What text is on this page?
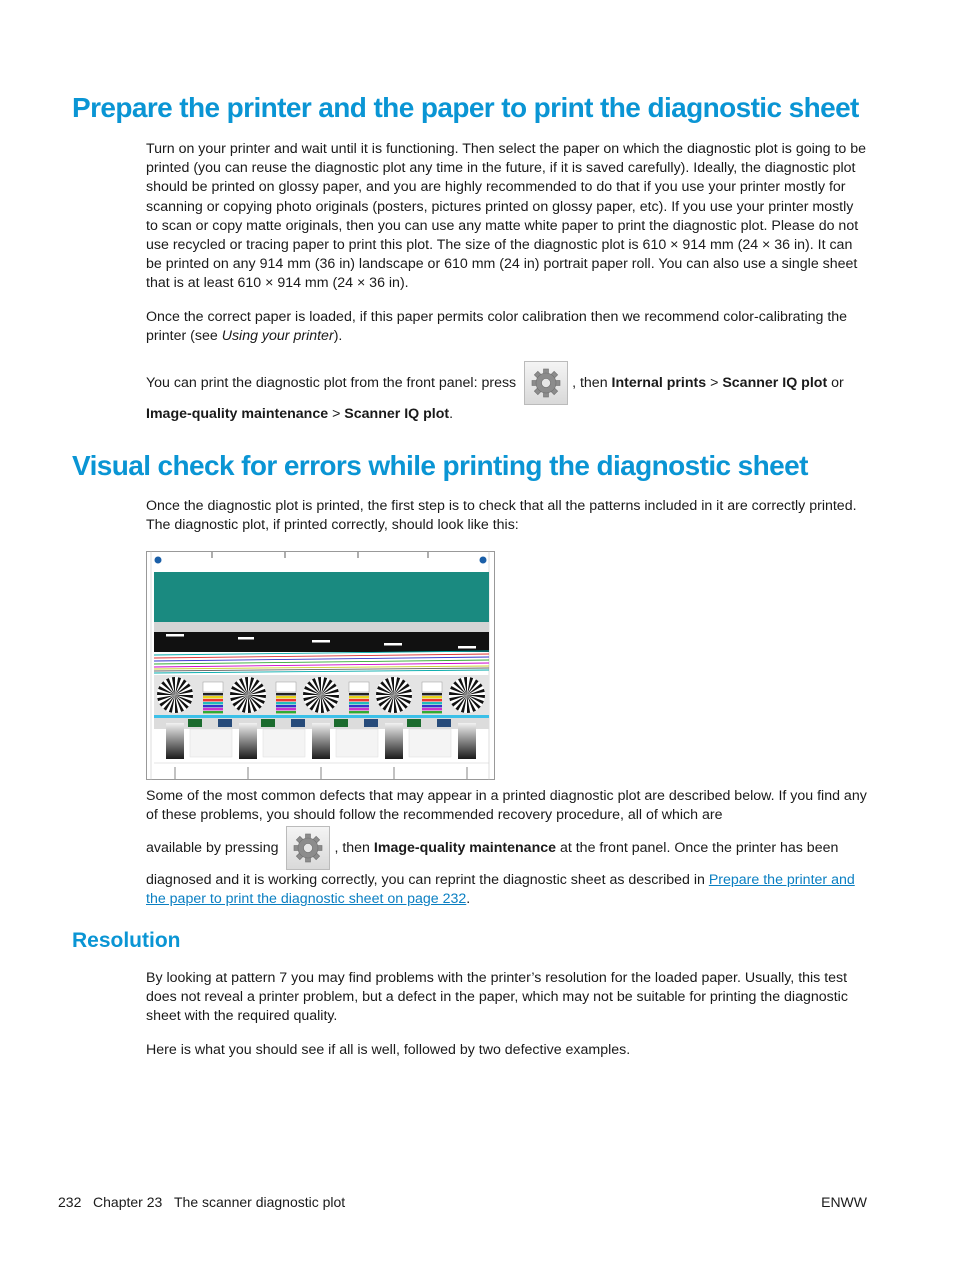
Prepare the printer and the paper to print the diagnostic sheet

Turn on your printer and wait until it is functioning. Then select the paper on which the diagnostic plot is going to be printed (you can reuse the diagnostic plot any time in the future, if it is saved carefully). Ideally, the diagnostic plot should be printed on glossy paper, and you are highly recommended to do that if you use your printer mostly for scanning or copying photo originals (posters, pictures printed on glossy paper, etc). If you use your printer mostly to scan or copy matte originals, then you can use any matte white paper to print the diagnostic plot. Please do not use recycled or tracing paper to print this plot. The size of the diagnostic plot is 610 × 914 mm (24 × 36 in). It can be printed on any 914 mm (36 in) landscape or 610 mm (24 in) portrait paper roll. You can also use a single sheet that is at least 610 × 914 mm (24 × 36 in).

Once the correct paper is loaded, if this paper permits color calibration then we recommend color-calibrating the printer (see Using your printer).

You can print the diagnostic plot from the front panel: press	, then Internal prints > Scanner IQ plot or
Image-quality maintenance > Scanner IQ plot.
Visual check for errors while printing the diagnostic sheet

Once the diagnostic plot is printed, the first step is to check that all the patterns included in it are correctly printed. The diagnostic plot, if printed correctly, should look like this:

Some of the most common defects that may appear in a printed diagnostic plot are described below. If you find any of these problems, you should follow the recommended recovery procedure, all of which are

available by pressing	, then Image-quality maintenance at the front panel. Once the printer has been

diagnosed and it is working correctly, you can reprint the diagnostic sheet as described in Prepare the printer and the paper to print the diagnostic sheet on page 232.

Resolution

By looking at pattern 7 you may find problems with the printer’s resolution for the loaded paper. Usually, this test does not reveal a printer problem, but a defect in the paper, which may not be suitable for printing the diagnostic sheet with the required quality.

Here is what you should see if all is well, followed by two defective examples.

232 Chapter 23 The scanner diagnostic plot	ENWW
